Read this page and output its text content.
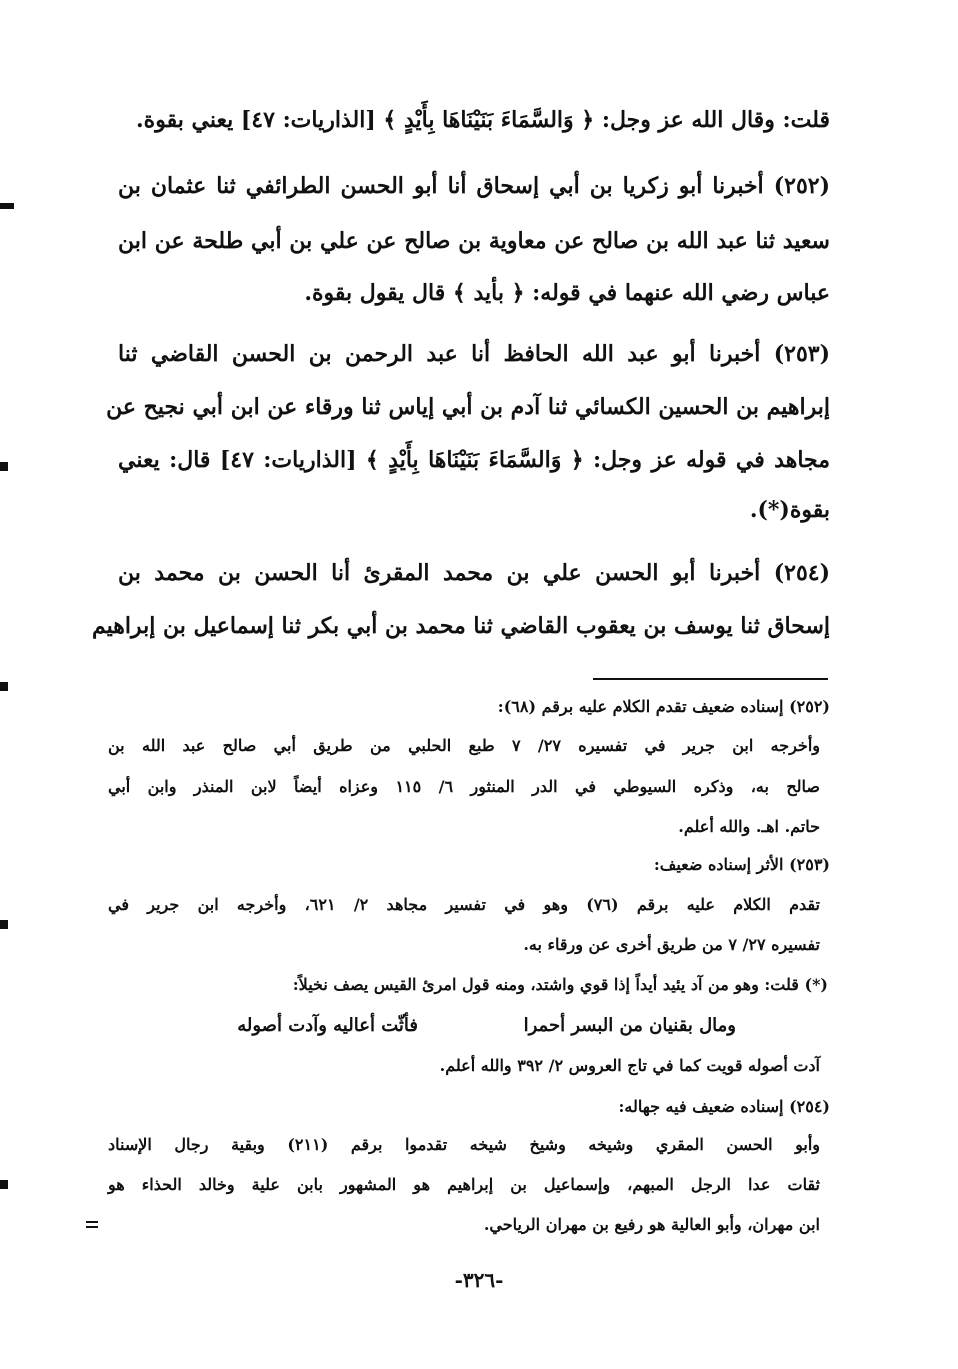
قلت: وقال الله عز وجل: ﴿ وَالسَّمَاءَ بَنَيْنَاهَا بِأَيْدٍ ﴾ [الذاريات: ٤٧] يعني بقوة.
(٢٥٢) أخبرنا أبو زكريا بن أبي إسحاق أنا أبو الحسن الطرائفي ثنا عثمان بن
سعيد ثنا عبد الله بن صالح عن معاوية بن صالح عن علي بن أبي طلحة عن ابن
عباس رضي الله عنهما في قوله: ﴿ بأيد ﴾ قال يقول بقوة.
(٢٥٣) أخبرنا أبو عبد الله الحافظ أنا عبد الرحمن بن الحسن القاضي ثنا
إبراهيم بن الحسين الكسائي ثنا آدم بن أبي إياس ثنا ورقاء عن ابن أبي نجيح عن
مجاهد في قوله عز وجل: ﴿ وَالسَّمَاءَ بَنَيْنَاهَا بِأَيْدٍ ﴾ [الذاريات: ٤٧] قال: يعني
بقوة(*).
(٢٥٤) أخبرنا أبو الحسن علي بن محمد المقرئ أنا الحسن بن محمد بن
إسحاق ثنا يوسف بن يعقوب القاضي ثنا محمد بن أبي بكر ثنا إسماعيل بن إبراهيم
(٢٥٢) إسناده ضعيف تقدم الكلام عليه برقم (٦٨):
وأخرجه ابن جرير في تفسيره ٢٧/ ٧ طبع الحلبي من طريق أبي صالح عبد الله بن
صالح به، وذكره السيوطي في الدر المنثور ٦/ ١١٥ وعزاه أيضاً لابن المنذر وابن أبي
حاتم. اهـ. والله أعلم.
(٢٥٣) الأثر إسناده ضعيف:
تقدم الكلام عليه برقم (٧٦) وهو في تفسير مجاهد ٢/ ٦٢١، وأخرجه ابن جرير في
تفسيره ٢٧/ ٧ من طريق أخرى عن ورقاء به.
(*) قلت: وهو من آد يئيد أيداً إذا قوي واشتد، ومنه قول امرئ القيس يصف نخيلاً:
فأثّت أعاليه وآدت أصوله	ومال بقنيان من البسر أحمرا
آدت أصوله قويت كما في تاج العروس ٢/ ٣٩٢ والله أعلم.
(٢٥٤) إسناده ضعيف فيه جهاله:
وأبو الحسن المقري وشيخه وشيخ شيخه تقدموا برقم (٢١١) وبقية رجال الإسناد
ثقات عدا الرجل المبهم، وإسماعيل بن إبراهيم هو المشهور بابن علية وخالد الحذاء هو
ابن مهران، وأبو العالية هو رفيع بن مهران الرياحي.
-٣٢٦-
